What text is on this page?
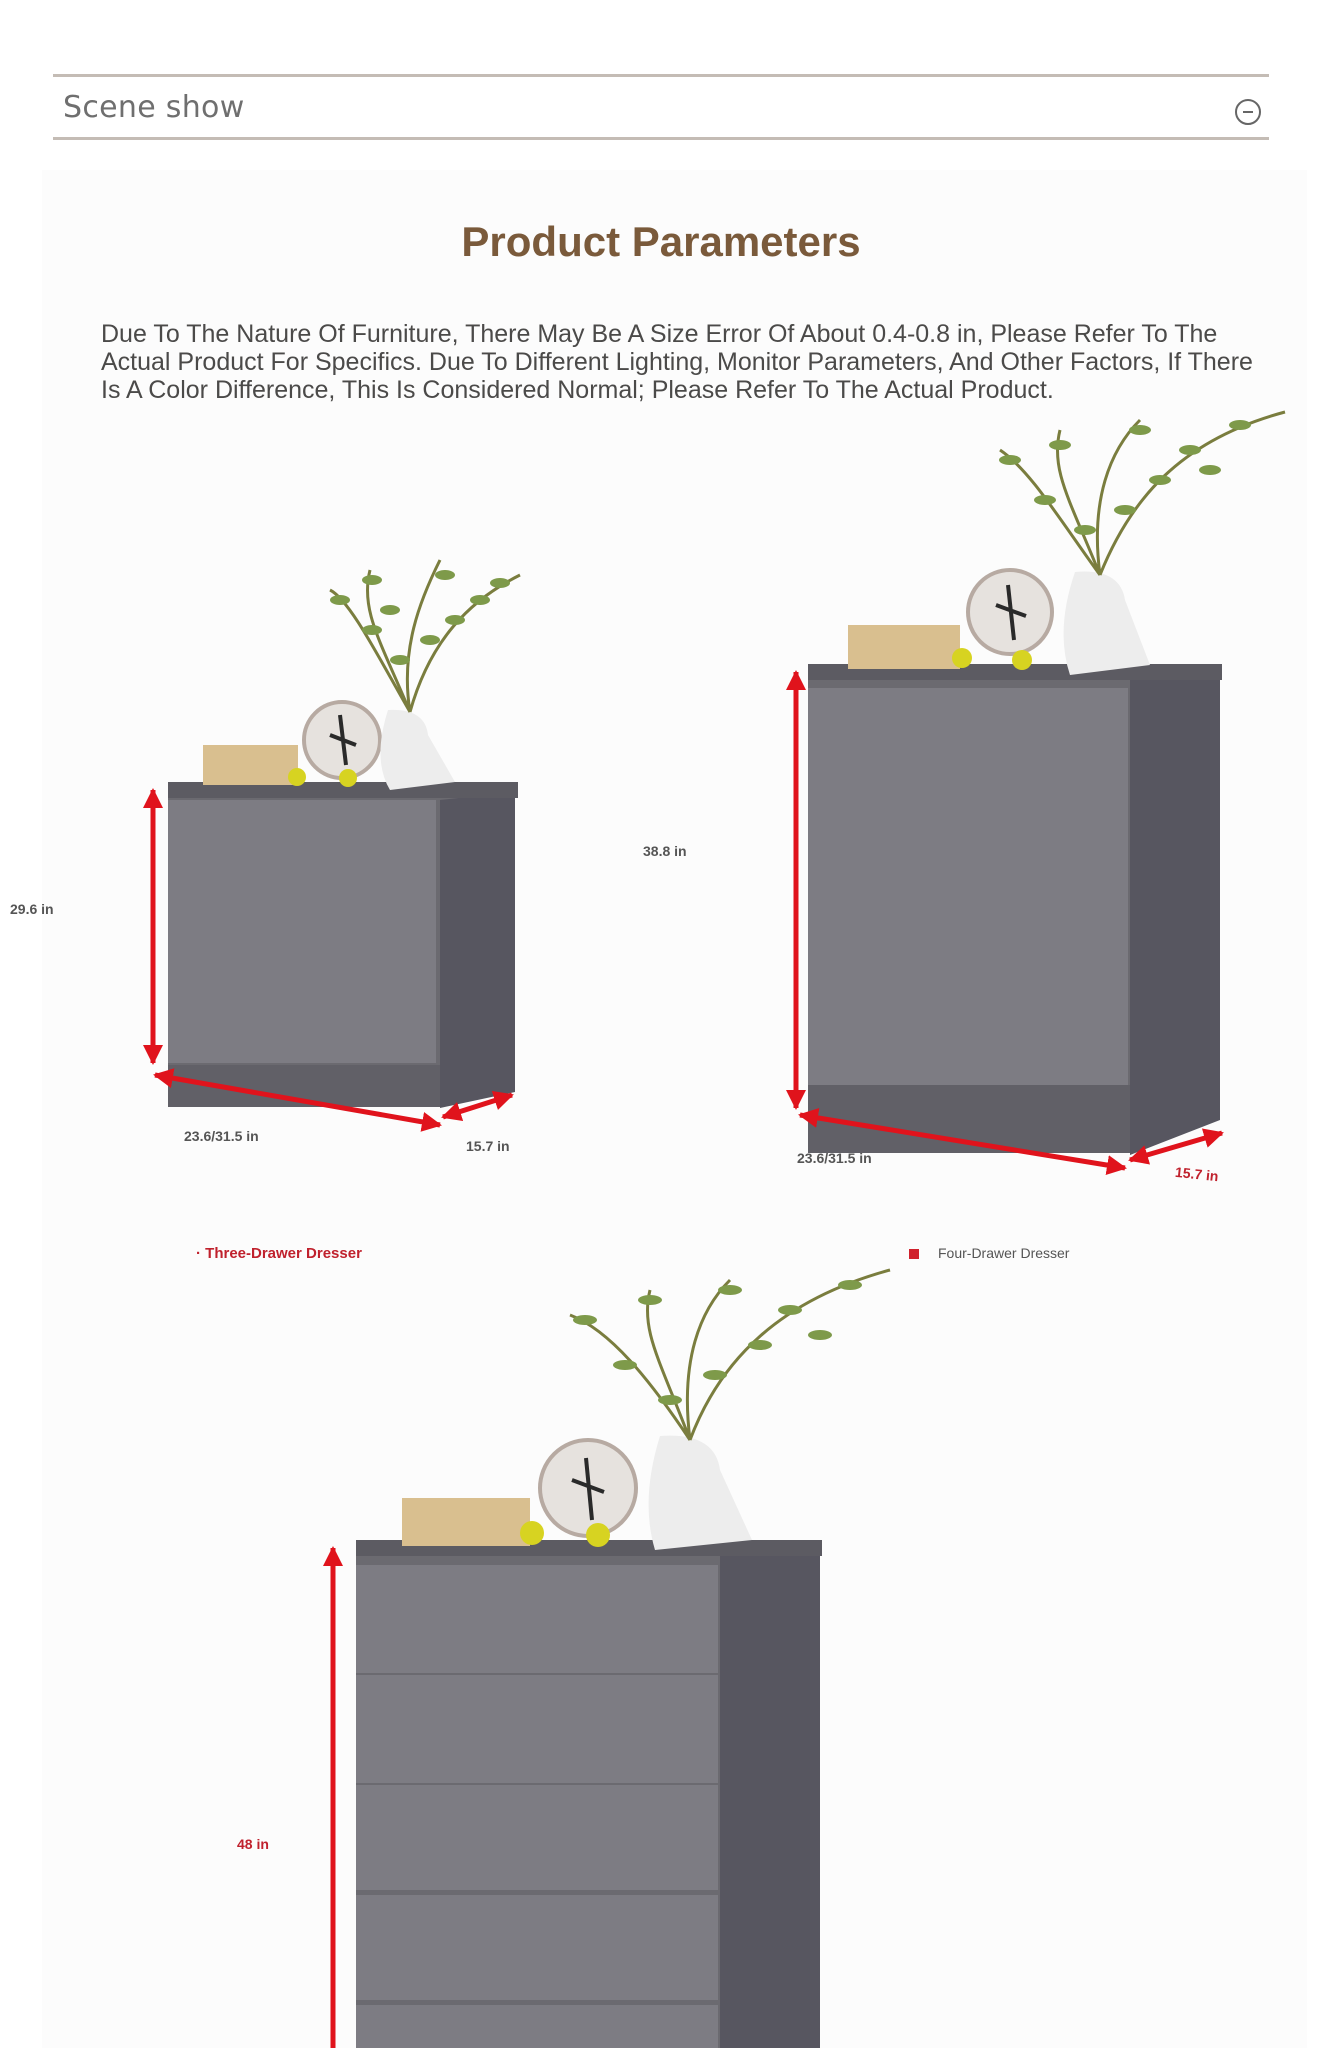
Scene show
Product Parameters
Due To The Nature Of Furniture, There May Be A Size Error Of About 0.4-0.8 in, Please Refer To The Actual Product For Specifics. Due To Different Lighting, Monitor Parameters, And Other Factors, If There Is A Color Difference, This Is Considered Normal; Please Refer To The Actual Product.
29.6 in
23.6/31.5 in
15.7 in
· Three-Drawer Dresser
38.8 in
23.6/31.5 in
15.7 in
Four-Drawer Dresser
48 in
